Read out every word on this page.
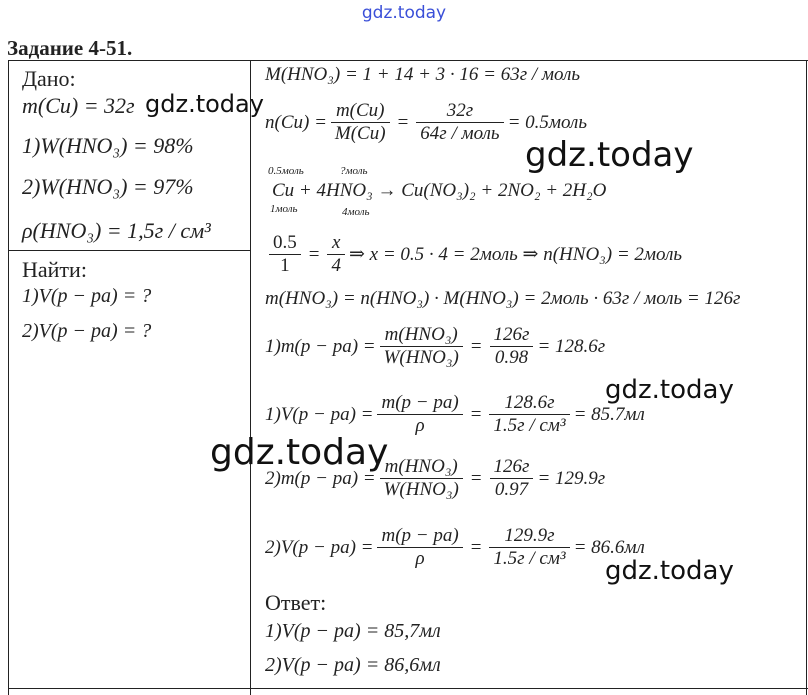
gdz.today
Задание 4-51.
Дано:
m(Cu) = 32г
1)W(HNO₃) = 98%
2)W(HNO₃) = 97%
ρ(HNO₃) = 1,5г / см³
Найти:
1)V(p − pa) = ?
2)V(p − pa) = ?
M(HNO₃) = 1 + 14 + 3 · 16 = 63г / моль
$n(Cu) = \frac{m(Cu)}{M(Cu)} = \frac{32г}{\text{64г / моль}}$ = 0.5моль
0.5моль	?моль
Cu + 4HNO₃ → Cu(NO₃)₂ + 2NO₂ + 2H₂O
1моль	4моль
$\frac{0.5}{1} = \frac{x}{4}$ ⇒ x = 0.5 · 4 = 2моль ⇒ n(HNO₃) = 2моль
m(HNO₃) = n(HNO₃) · M(HNO₃) = 2моль · 63г / моль = 126г
$1)m(p - pa) = \frac{\text{m(HNO₃)}}{\text{W(HNO₃)}} = \frac{126г}{0.98} = 128.6г$
$1)V(p - pa) = \frac{m(p - pa)}{\rho} = \frac{128.6г}{\text{1.5г / см³}} = 85.7мл$
$2)m(p - pa) = \frac{\text{m(HNO₃)}}{\text{W(HNO₃)}} = \frac{126г}{0.97} = 129.9г$
$2)V(p - pa) = \frac{m(p - pa)}{\rho} = \frac{129.9г}{\text{1.5г / см³}} = 86.6мл$
Ответ:
1)V(p − pa) = 85,7мл
2)V(p − pa) = 86,6мл
gdz.today
gdz.today
gdz.today
gdz.today
gdz.today
